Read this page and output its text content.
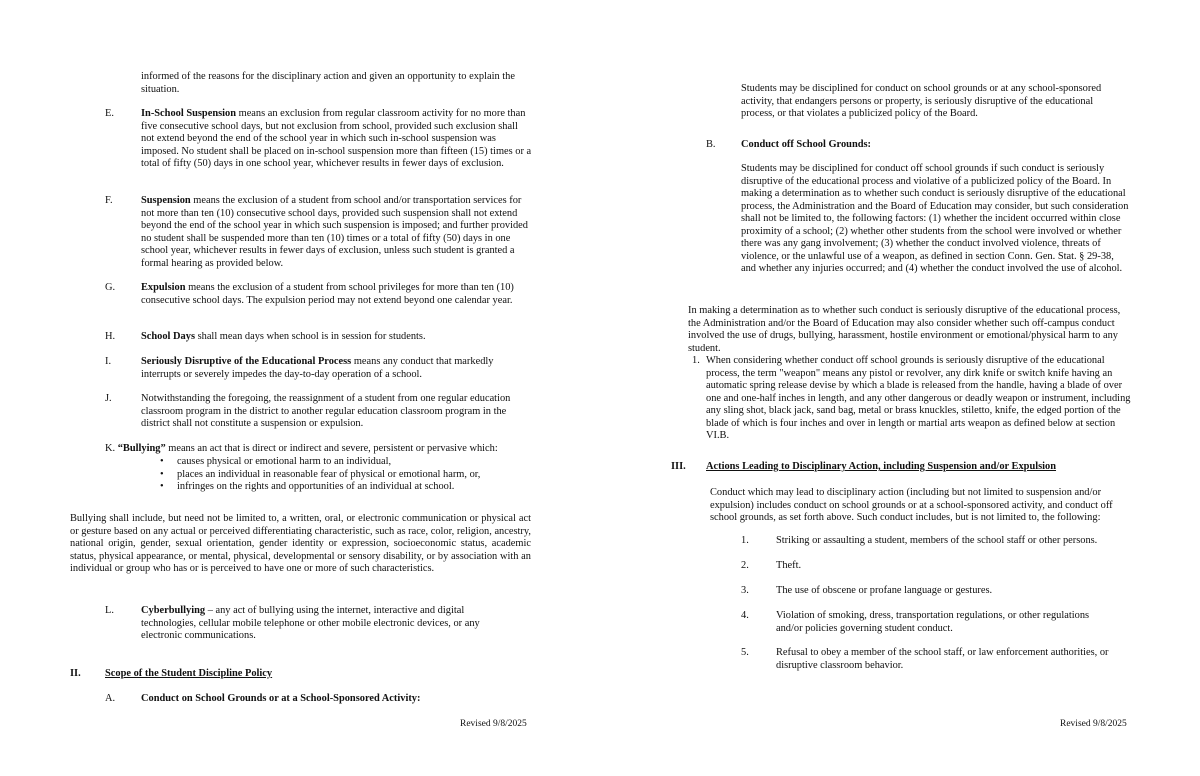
informed of the reasons for the disciplinary action and given an opportunity to explain the situation.
E.	In-School Suspension means an exclusion from regular classroom activity for no more than five consecutive school days, but not exclusion from school, provided such exclusion shall not extend beyond the end of the school year in which such in-school suspension was imposed. No student shall be placed on in-school suspension more than fifteen (15) times or a total of fifty (50) days in one school year, whichever results in fewer days of exclusion.
F.	Suspension means the exclusion of a student from school and/or transportation services for not more than ten (10) consecutive school days, provided such suspension shall not extend beyond the end of the school year in which such suspension is imposed; and further provided no student shall be suspended more than ten (10) times or a total of fifty (50) days in one school year, whichever results in fewer days of exclusion, unless such student is granted a formal hearing as provided below.
G. Expulsion means the exclusion of a student from school privileges for more than ten (10) consecutive school days. The expulsion period may not extend beyond one calendar year.
H. School Days shall mean days when school is in session for students.
I.	Seriously Disruptive of the Educational Process means any conduct that markedly interrupts or severely impedes the day-to-day operation of a school.
J.	Notwithstanding the foregoing, the reassignment of a student from one regular education classroom program in the district to another regular education classroom program in the district shall not constitute a suspension or expulsion.
K. “Bullying” means an act that is direct or indirect and severe, persistent or pervasive which:
• causes physical or emotional harm to an individual,
• places an individual in reasonable fear of physical or emotional harm, or,
• infringes on the rights and opportunities of an individual at school.
Bullying shall include, but need not be limited to, a written, oral, or electronic communication or physical act or gesture based on any actual or perceived differentiating characteristic, such as race, color, religion, ancestry, national origin, gender, sexual orientation, gender identity or expression, socioeconomic status, academic status, physical appearance, or mental, physical, developmental or sensory disability, or by association with an individual or group who has or is perceived to have one or more of such characteristics.
L.	Cyberbullying – any act of bullying using the internet, interactive and digital technologies, cellular mobile telephone or other mobile electronic devices, or any electronic communications.
II. Scope of the Student Discipline Policy
A. Conduct on School Grounds or at a School-Sponsored Activity:
Revised 9/8/2025
Students may be disciplined for conduct on school grounds or at any school-sponsored activity, that endangers persons or property, is seriously disruptive of the educational process, or that violates a publicized policy of the Board.
B. Conduct off School Grounds:
Students may be disciplined for conduct off school grounds if such conduct is seriously disruptive of the educational process and violative of a publicized policy of the Board. In making a determination as to whether such conduct is seriously disruptive of the educational process, the Administration and the Board of Education may consider, but such consideration shall not be limited to, the following factors: (1) whether the incident occurred within close proximity of a school; (2) whether other students from the school were involved or whether there was any gang involvement; (3) whether the conduct involved violence, threats of violence, or the unlawful use of a weapon, as defined in section Conn. Gen. Stat. § 29-38, and whether any injuries occurred; and (4) whether the conduct involved the use of alcohol.
In making a determination as to whether such conduct is seriously disruptive of the educational process, the Administration and/or the Board of Education may also consider whether such off-campus conduct involved the use of drugs, bullying, harassment, hostile environment or emotional/physical harm to any student.
1. When considering whether conduct off school grounds is seriously disruptive of the educational process, the term "weapon" means any pistol or revolver, any dirk knife or switch knife having an automatic spring release devise by which a blade is released from the handle, having a blade of over one and one-half inches in length, and any other dangerous or deadly weapon or instrument, including any sling shot, black jack, sand bag, metal or brass knuckles, stiletto, knife, the edged portion of the blade of which is four inches and over in length or martial arts weapon as defined below at section VI.B.
III. Actions Leading to Disciplinary Action, including Suspension and/or Expulsion
Conduct which may lead to disciplinary action (including but not limited to suspension and/or expulsion) includes conduct on school grounds or at a school-sponsored activity, and conduct off school grounds, as set forth above. Such conduct includes, but is not limited to, the following:
1.	Striking or assaulting a student, members of the school staff or other persons.
2.	Theft.
3.	The use of obscene or profane language or gestures.
4.	Violation of smoking, dress, transportation regulations, or other regulations and/or policies governing student conduct.
5.	Refusal to obey a member of the school staff, or law enforcement authorities, or disruptive classroom behavior.
Revised 9/8/2025
